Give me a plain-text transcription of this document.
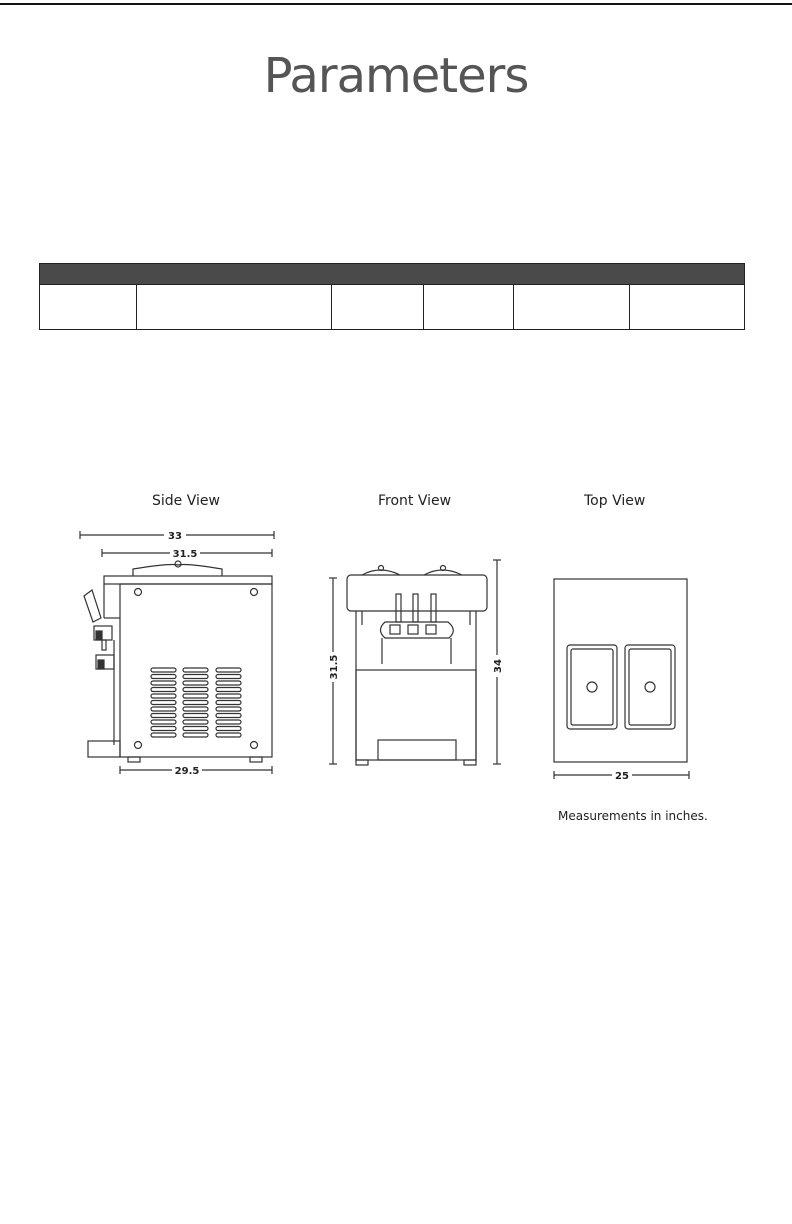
Parameters

Side View	Front View	Top View
33
31.5
29.5
31.5	34
25
Measurements in inches.
